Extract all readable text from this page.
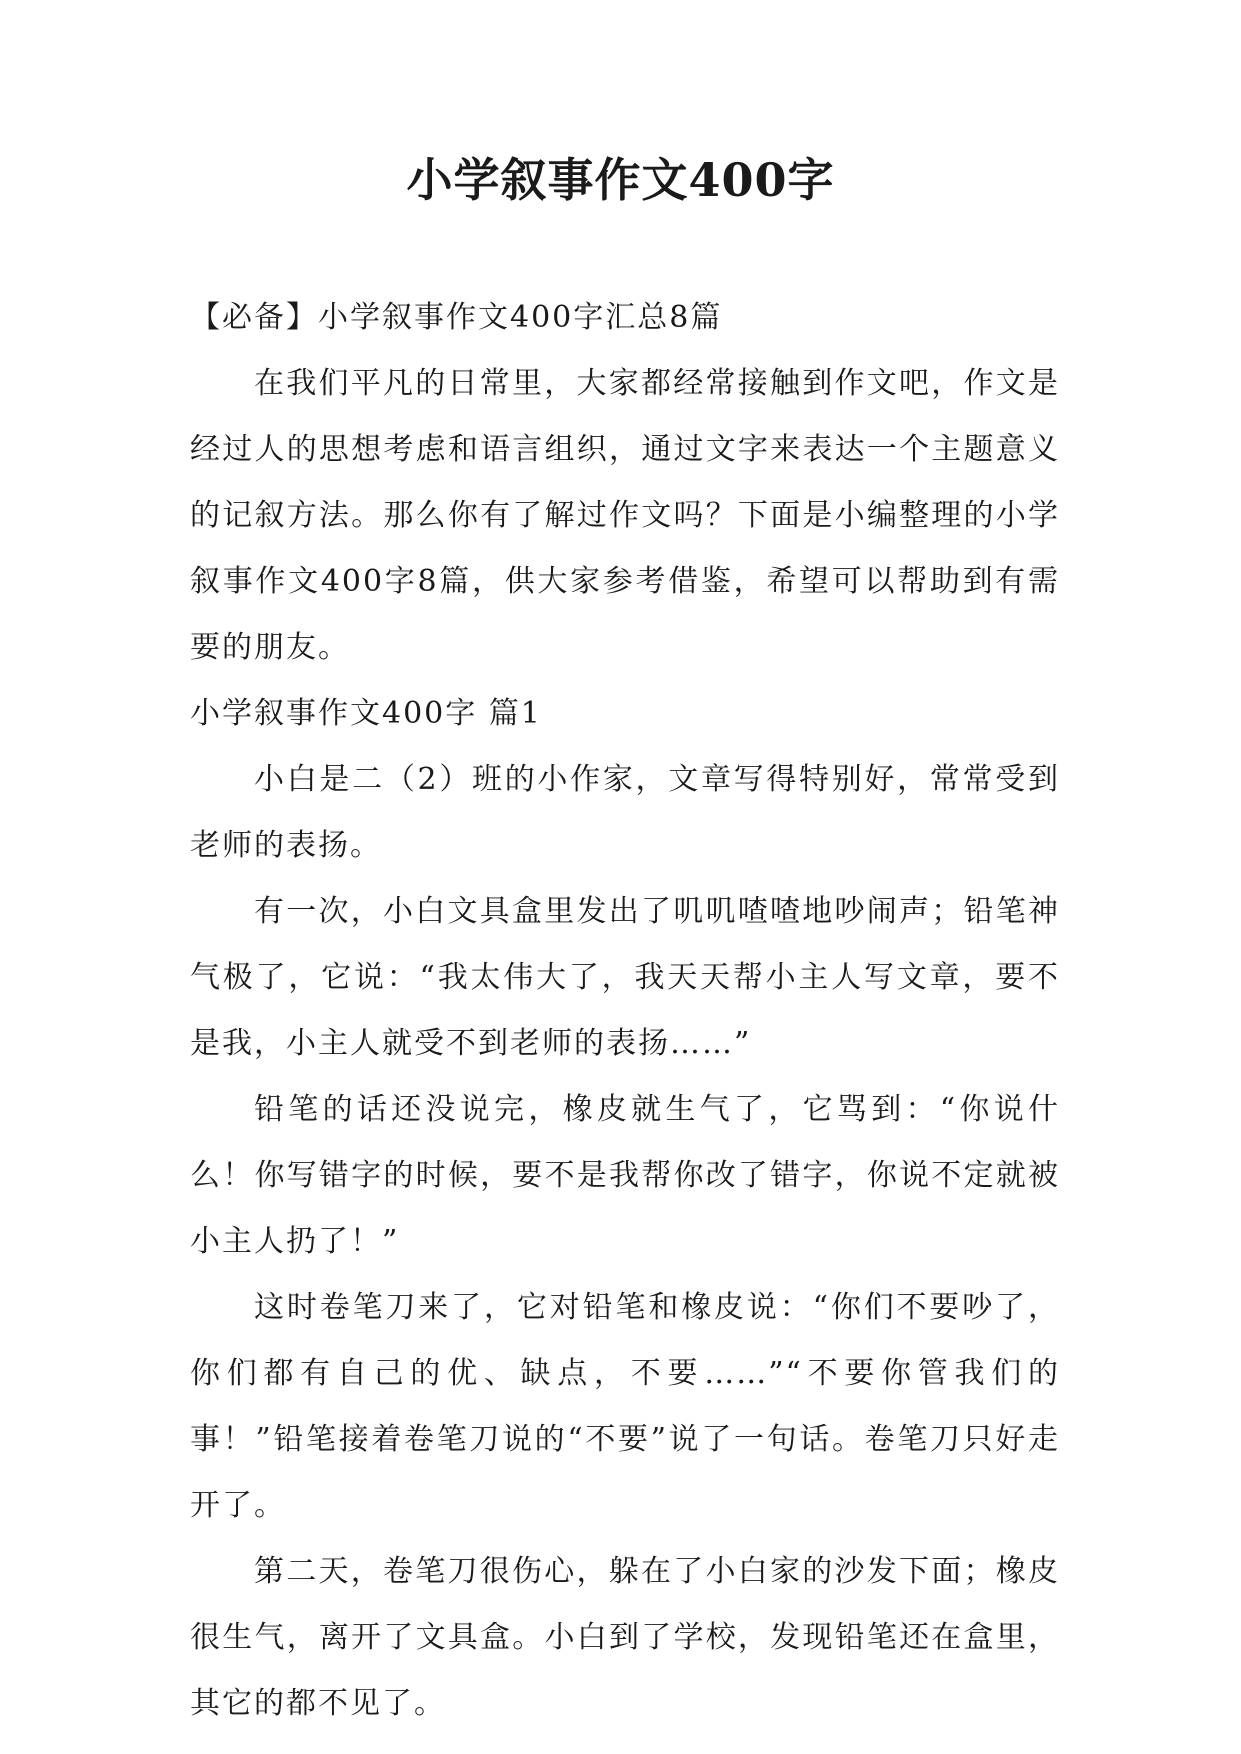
小学叙事作文400字

【必备】小学叙事作文400字汇总8篇

在我们平凡的日常里，大家都经常接触到作文吧，作文是经过人的思想考虑和语言组织，通过文字来表达一个主题意义的记叙方法。那么你有了解过作文吗？下面是小编整理的小学叙事作文400字8篇，供大家参考借鉴，希望可以帮助到有需要的朋友。

小学叙事作文400字 篇1

小白是二（2）班的小作家，文章写得特别好，常常受到老师的表扬。

有一次，小白文具盒里发出了叽叽喳喳地吵闹声；铅笔神气极了，它说：“我太伟大了，我天天帮小主人写文章，要不是我，小主人就受不到老师的表扬……”

铅笔的话还没说完，橡皮就生气了，它骂到：“你说什么！你写错字的时候，要不是我帮你改了错字，你说不定就被小主人扔了！”

这时卷笔刀来了，它对铅笔和橡皮说：“你们不要吵了，你们都有自己的优、缺点，不要……”“不要你管我们的事！”铅笔接着卷笔刀说的“不要”说了一句话。卷笔刀只好走开了。

第二天，卷笔刀很伤心，躲在了小白家的沙发下面；橡皮很生气，离开了文具盒。小白到了学校，发现铅笔还在盒里，其它的都不见了。
